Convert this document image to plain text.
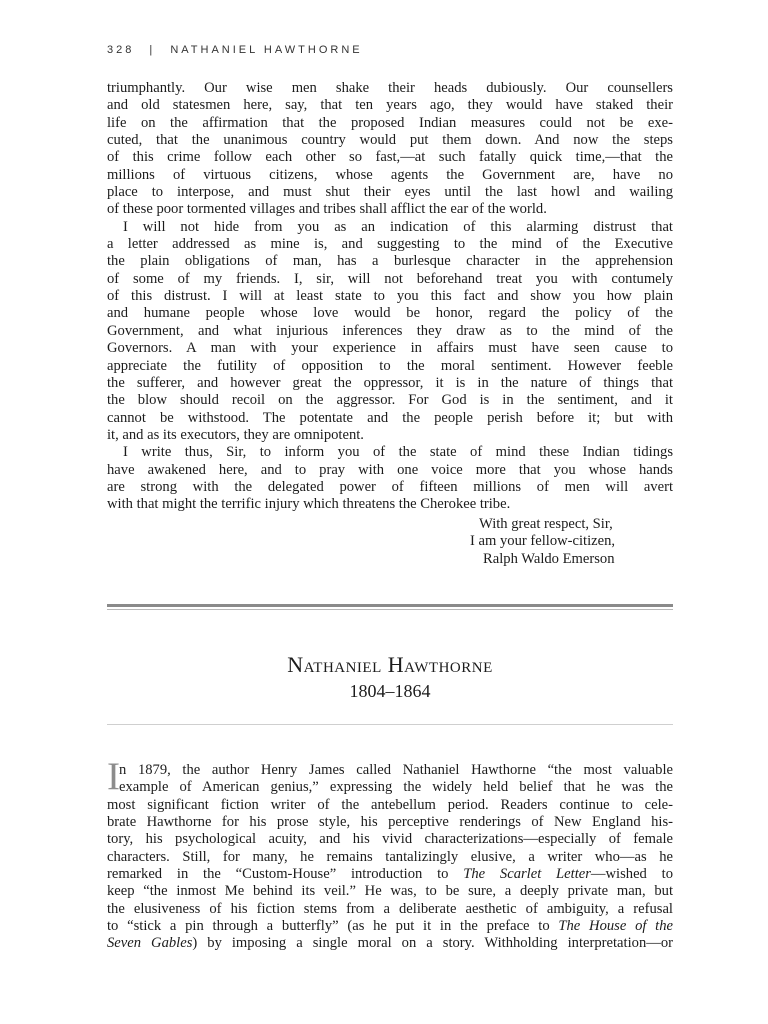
328 | NATHANIEL HAWTHORNE
triumphantly. Our wise men shake their heads dubiously. Our counsellers
and old statesmen here, say, that ten years ago, they would have staked their
life on the affirmation that the proposed Indian measures could not be exe-
cuted, that the unanimous country would put them down. And now the steps
of this crime follow each other so fast,—at such fatally quick time,—that the
millions of virtuous citizens, whose agents the Government are, have no
place to interpose, and must shut their eyes until the last howl and wailing
of these poor tormented villages and tribes shall afflict the ear of the world.
I will not hide from you as an indication of this alarming distrust that
a letter addressed as mine is, and suggesting to the mind of the Executive
the plain obligations of man, has a burlesque character in the apprehension
of some of my friends. I, sir, will not beforehand treat you with contumely
of this distrust. I will at least state to you this fact and show you how plain
and humane people whose love would be honor, regard the policy of the
Government, and what injurious inferences they draw as to the mind of the
Governors. A man with your experience in affairs must have seen cause to
appreciate the futility of opposition to the moral sentiment. However feeble
the sufferer, and however great the oppressor, it is in the nature of things that
the blow should recoil on the aggressor. For God is in the sentiment, and it
cannot be withstood. The potentate and the people perish before it; but with
it, and as its executors, they are omnipotent.
I write thus, Sir, to inform you of the state of mind these Indian tidings
have awakened here, and to pray with one voice more that you whose hands
are strong with the delegated power of fifteen millions of men will avert
with that might the terrific injury which threatens the Cherokee tribe.
With great respect, Sir,
I am your fellow-citizen,
Ralph Waldo Emerson
Nathaniel Hawthorne
1804–1864
I n 1879, the author Henry James called Nathaniel Hawthorne “the most valuable
example of American genius,” expressing the widely held belief that he was the
most significant fiction writer of the antebellum period. Readers continue to cele-
brate Hawthorne for his prose style, his perceptive renderings of New England his-
tory, his psychological acuity, and his vivid characterizations—especially of female
characters. Still, for many, he remains tantalizingly elusive, a writer who—as he
remarked in the “Custom-House” introduction to The Scarlet Letter—wished to
keep “the inmost Me behind its veil.” He was, to be sure, a deeply private man, but
the elusiveness of his fiction stems from a deliberate aesthetic of ambiguity, a refusal
to “stick a pin through a butterfly” (as he put it in the preface to The House of the
Seven Gables) by imposing a single moral on a story. Withholding interpretation—or
